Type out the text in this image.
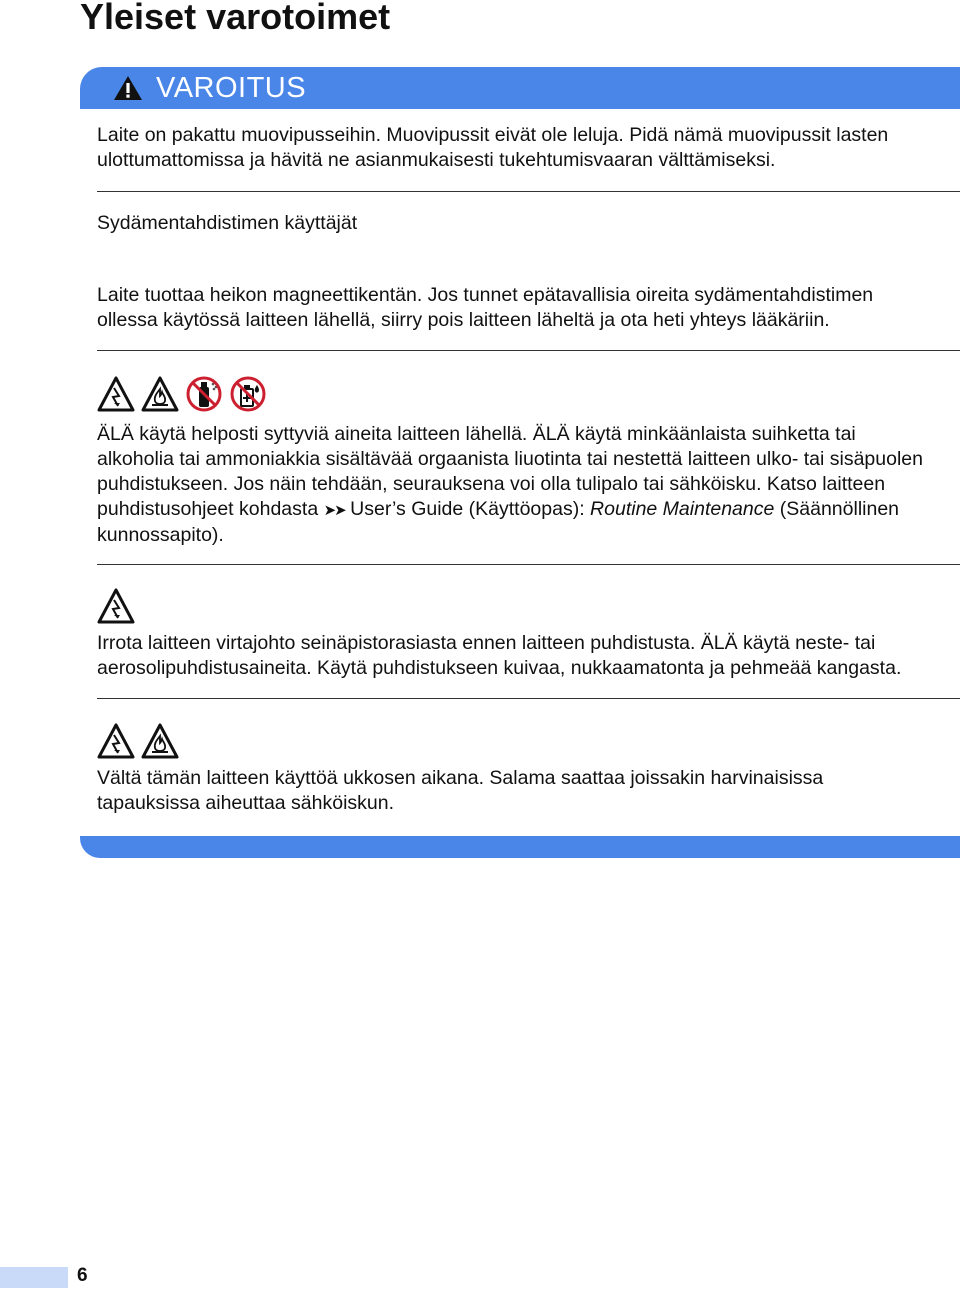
Yleiset varotoimet
VAROITUS

Laite on pakattu muovipusseihin. Muovipussit eivät ole leluja. Pidä nämä muovipussit lasten
ulottumattomissa ja hävitä ne asianmukaisesti tukehtumisvaaran välttämiseksi.

Sydämentahdistimen käyttäjät

Laite tuottaa heikon magneettikentän. Jos tunnet epätavallisia oireita sydämentahdistimen
ollessa käytössä laitteen lähellä, siirry pois laitteen läheltä ja ota heti yhteys lääkäriin.

ÄLÄ käytä helposti syttyviä aineita laitteen lähellä. ÄLÄ käytä minkäänlaista suihketta tai
alkoholia tai ammoniakkia sisältävää orgaanista liuotinta tai nestettä laitteen ulko- tai sisäpuolen
puhdistukseen. Jos näin tehdään, seurauksena voi olla tulipalo tai sähköisku. Katso laitteen
puhdistusohjeet kohdasta ➤➤ User’s Guide (Käyttöopas): Routine Maintenance (Säännöllinen
kunnossapito).

Irrota laitteen virtajohto seinäpistorasiasta ennen laitteen puhdistusta. ÄLÄ käytä neste- tai
aerosolipuhdistusaineita. Käytä puhdistukseen kuivaa, nukkaamatonta ja pehmeää kangasta.

Vältä tämän laitteen käyttöä ukkosen aikana. Salama saattaa joissakin harvinaisissa
tapauksissa aiheuttaa sähköiskun.

6
